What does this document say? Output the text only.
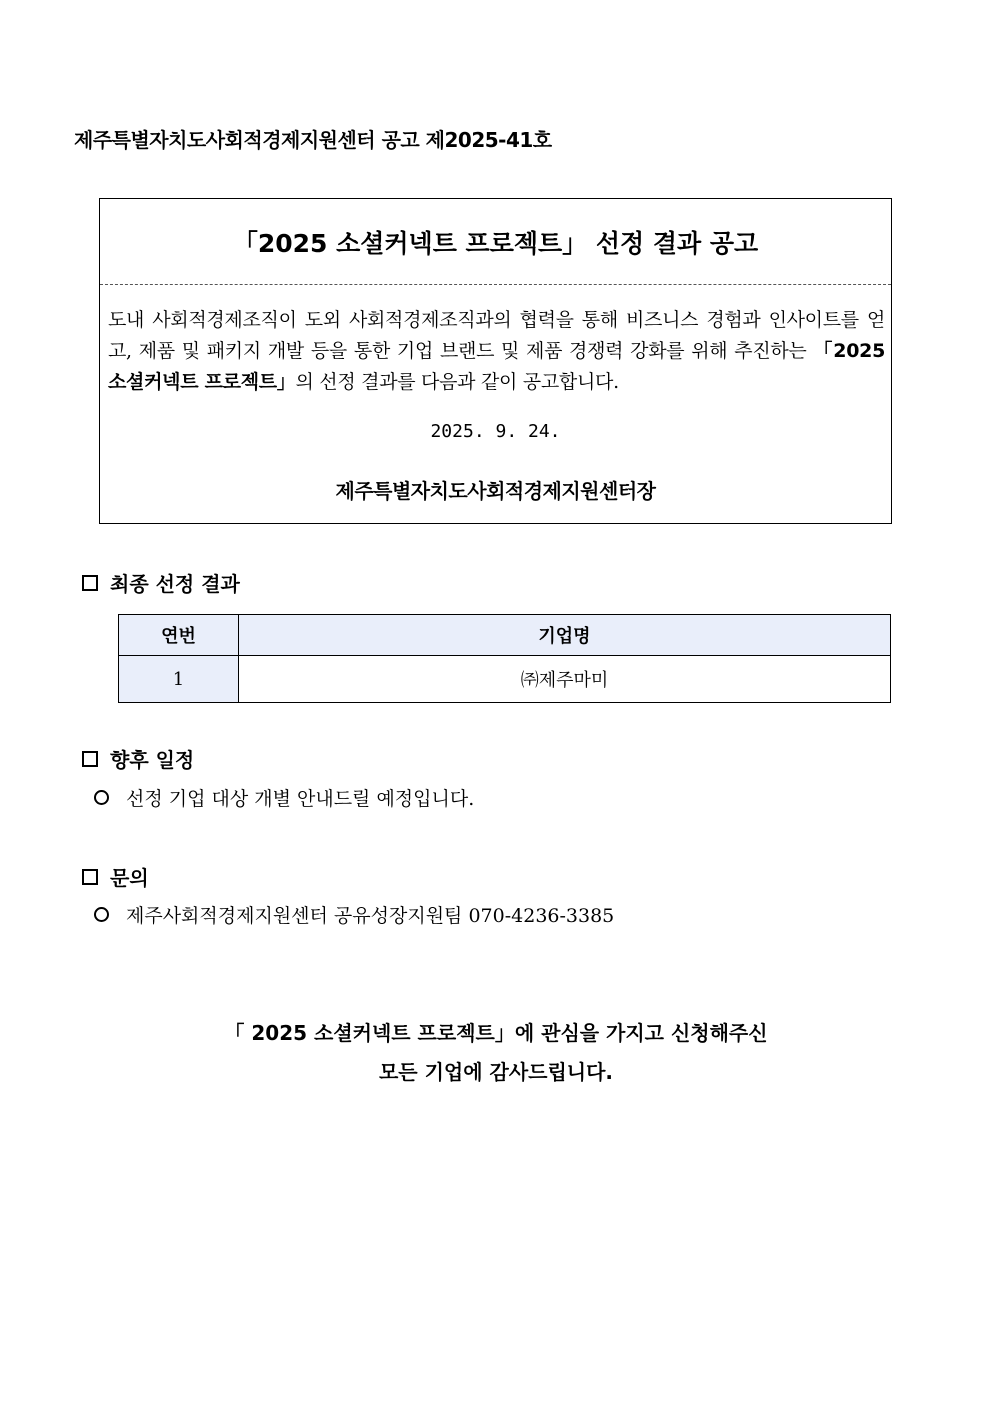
제주특별자치도사회적경제지원센터 공고 제2025-41호
「2025 소셜커넥트 프로젝트」 선정 결과 공고

도내 사회적경제조직이 도외 사회적경제조직과의 협력을 통해 비즈니스 경험과 인사이트를 얻고, 제품 및 패키지 개발 등을 통한 기업 브랜드 및 제품 경쟁력 강화를 위해 추진하는 「2025 소셜커넥트 프로젝트」의 선정 결과를 다음과 같이 공고합니다.

2025. 9. 24.
제주특별자치도사회적경제지원센터장
최종 선정 결과
연번	기업명
1	㈜제주마미
향후 일정
선정 기업 대상 개별 안내드릴 예정입니다.
문의
제주사회적경제지원센터 공유성장지원팀 070-4236-3385
「 2025 소셜커넥트 프로젝트」에 관심을 가지고 신청해주신
모든 기업에 감사드립니다.
